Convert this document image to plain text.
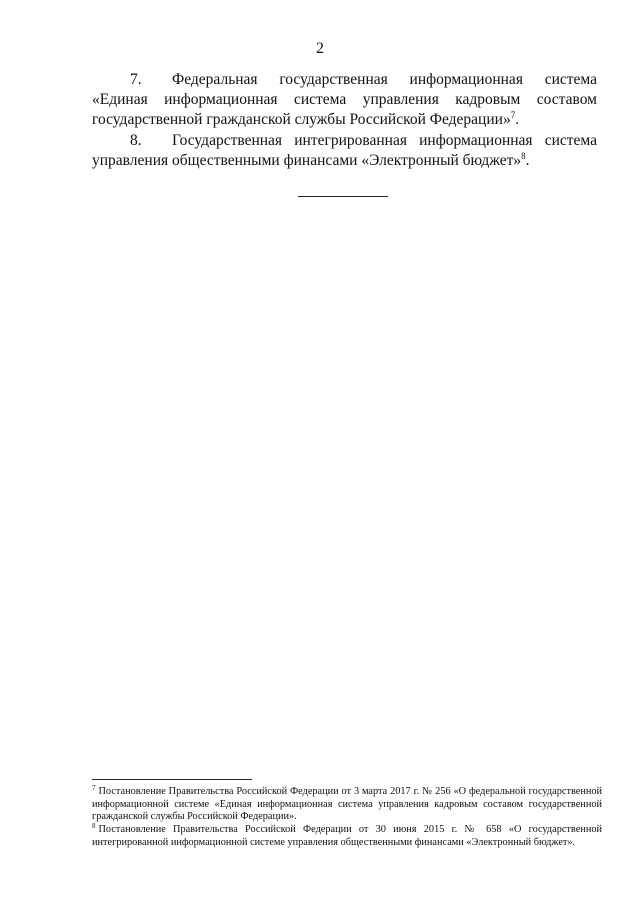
2
7. Федеральная государственная информационная система «Единая информационная система управления кадровым составом государственной гражданской службы Российской Федерации»$^7$.
8. Государственная интегрированная информационная система управления общественными финансами «Электронный бюджет»$^8$.
$^7$ Постановление Правительства Российской Федерации от 3 марта 2017 г. № 256 «О федеральной государственной информационной системе «Единая информационная система управления кадровым составом государственной гражданской службы Российской Федерации».
$^8$ Постановление Правительства Российской Федерации от 30 июня 2015 г. № 658 «О государственной интегрированной информационной системе управления общественными финансами «Электронный бюджет».
